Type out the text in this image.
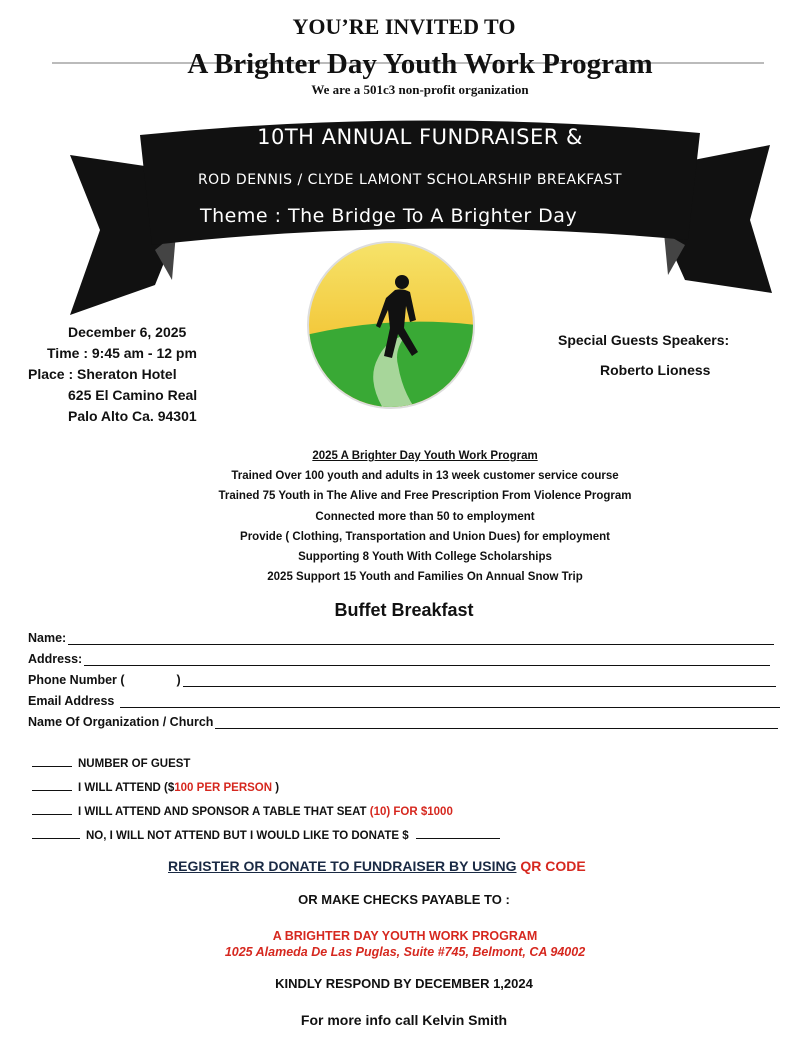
YOU’RE INVITED TO
A Brighter Day Youth Work Program
We are a 501c3 non-profit organization
10TH ANNUAL FUNDRAISER &
ROD DENNIS / CLYDE LAMONT SCHOLARSHIP BREAKFAST
Theme : The Bridge To A Brighter Day
December 6, 2025
Time : 9:45 am - 12 pm
Place : Sheraton Hotel
625 El Camino Real
Palo Alto Ca. 94301
Special Guests Speakers:
Roberto Lioness
2025 A Brighter Day Youth Work Program
Trained Over 100 youth and adults in 13 week customer service course
Trained 75 Youth in The Alive and Free Prescription From Violence Program
Connected more than 50 to employment
Provide ( Clothing, Transportation and Union Dues) for employment
Supporting 8 Youth With College Scholarships
2025 Support 15 Youth and Families On Annual Snow Trip
Buffet Breakfast
Name:
Address:
Phone Number (	)
Email Address
Name Of Organization / Church
NUMBER OF GUEST
I WILL ATTEND ($100 PER PERSON )
I WILL ATTEND AND SPONSOR A TABLE THAT SEAT (10) FOR $1000
NO, I WILL NOT ATTEND BUT I WOULD LIKE TO DONATE $
REGISTER OR DONATE TO FUNDRAISER BY USING QR CODE
OR MAKE CHECKS PAYABLE TO :
A BRIGHTER DAY YOUTH WORK PROGRAM
1025 Alameda De Las Puglas, Suite #745, Belmont, CA 94002
KINDLY RESPOND BY DECEMBER 1,2024
For more info call Kelvin Smith
